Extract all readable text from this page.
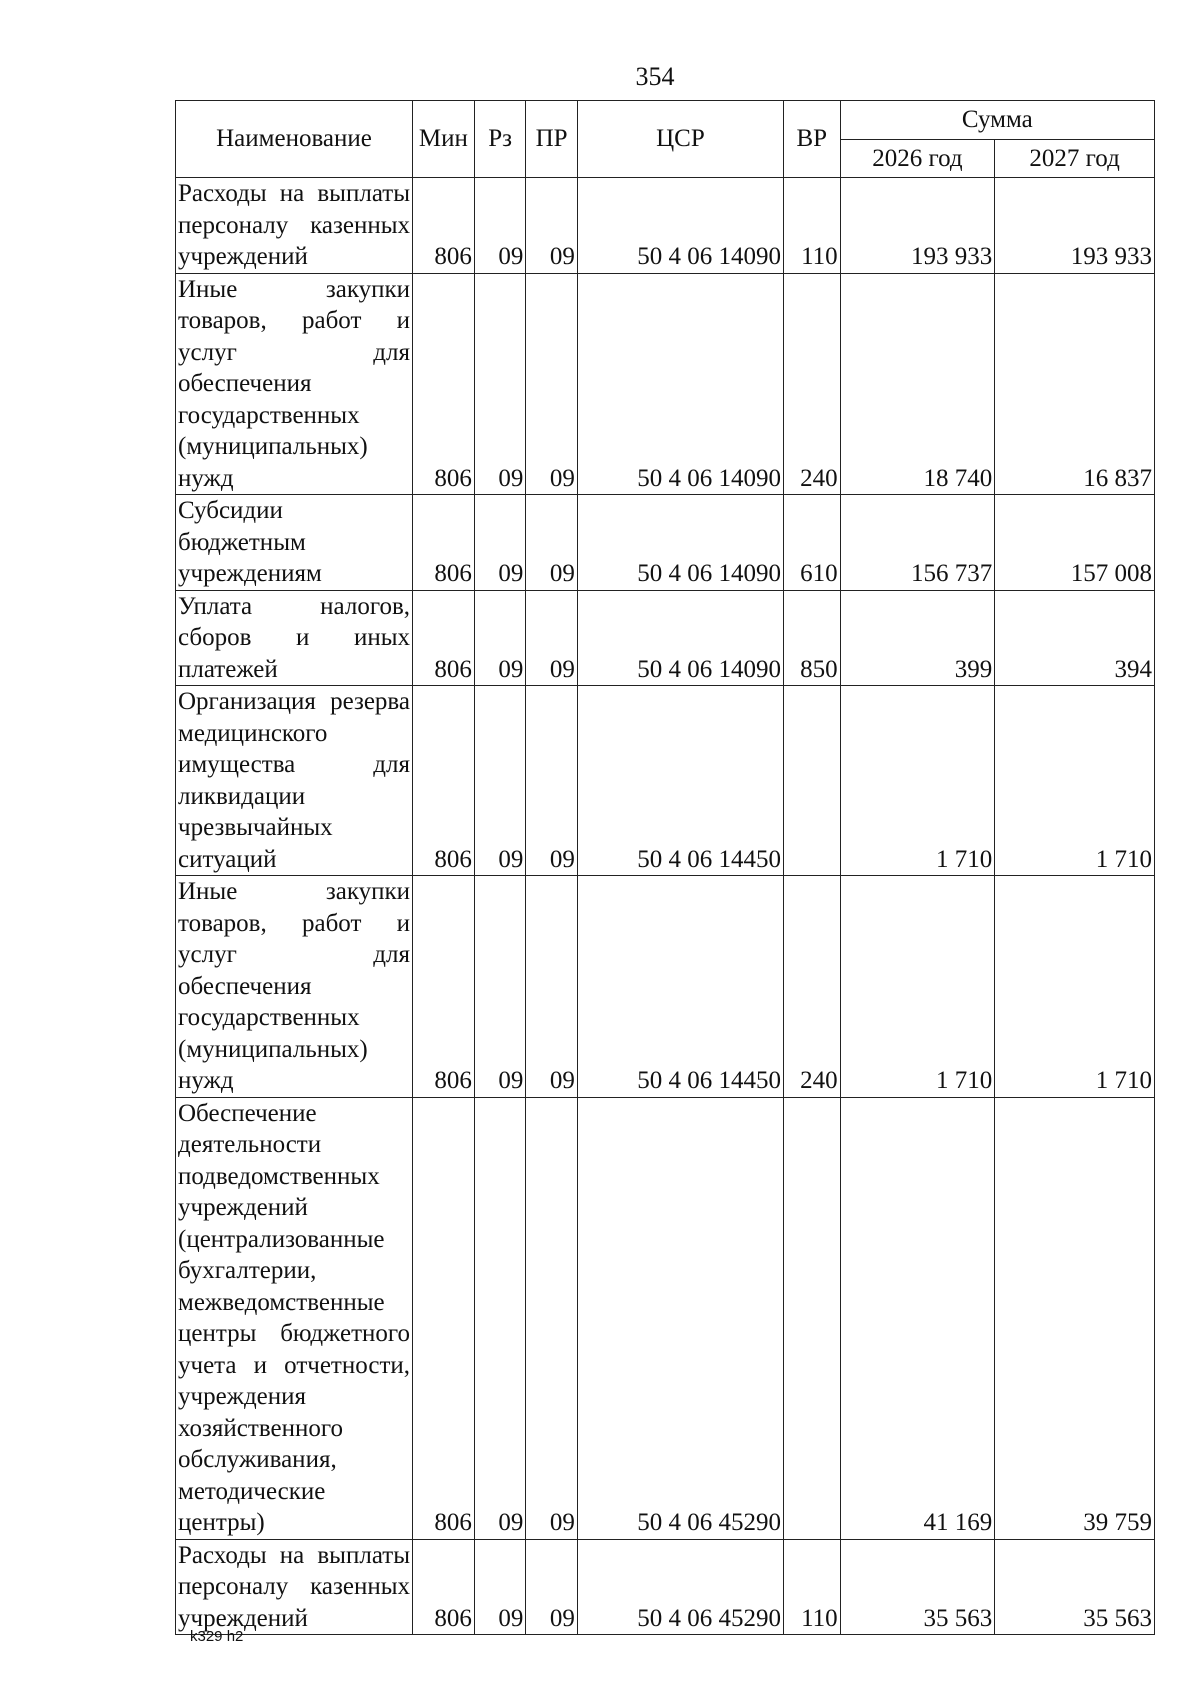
354
Наименование	Мин	Рз	ПР	ЦСР	ВР	Сумма	
						2026 год	2027 год
Расходы на выплаты персоналу казенных учреждений	806	09	09	50 4 06 14090	110	193 933	193 933
Иные закупки товаров, работ и услуг для обеспечения государственных (муниципальных) нужд	806	09	09	50 4 06 14090	240	18 740	16 837
Субсидии бюджетным учреждениям	806	09	09	50 4 06 14090	610	156 737	157 008
Уплата налогов, сборов и иных платежей	806	09	09	50 4 06 14090	850	399	394
Организация резерва медицинского имущества для ликвидации чрезвычайных ситуаций	806	09	09	50 4 06 14450		1 710	1 710
Иные закупки товаров, работ и услуг для обеспечения государственных (муниципальных) нужд	806	09	09	50 4 06 14450	240	1 710	1 710
Обеспечение деятельности подведомственных учреждений (централизованные бухгалтерии, межведомственные центры бюджетного учета и отчетности, учреждения хозяйственного обслуживания, методические центры)	806	09	09	50 4 06 45290		41 169	39 759
Расходы на выплаты персоналу казенных учреждений	806	09	09	50 4 06 45290	110	35 563	35 563
k329 h2
